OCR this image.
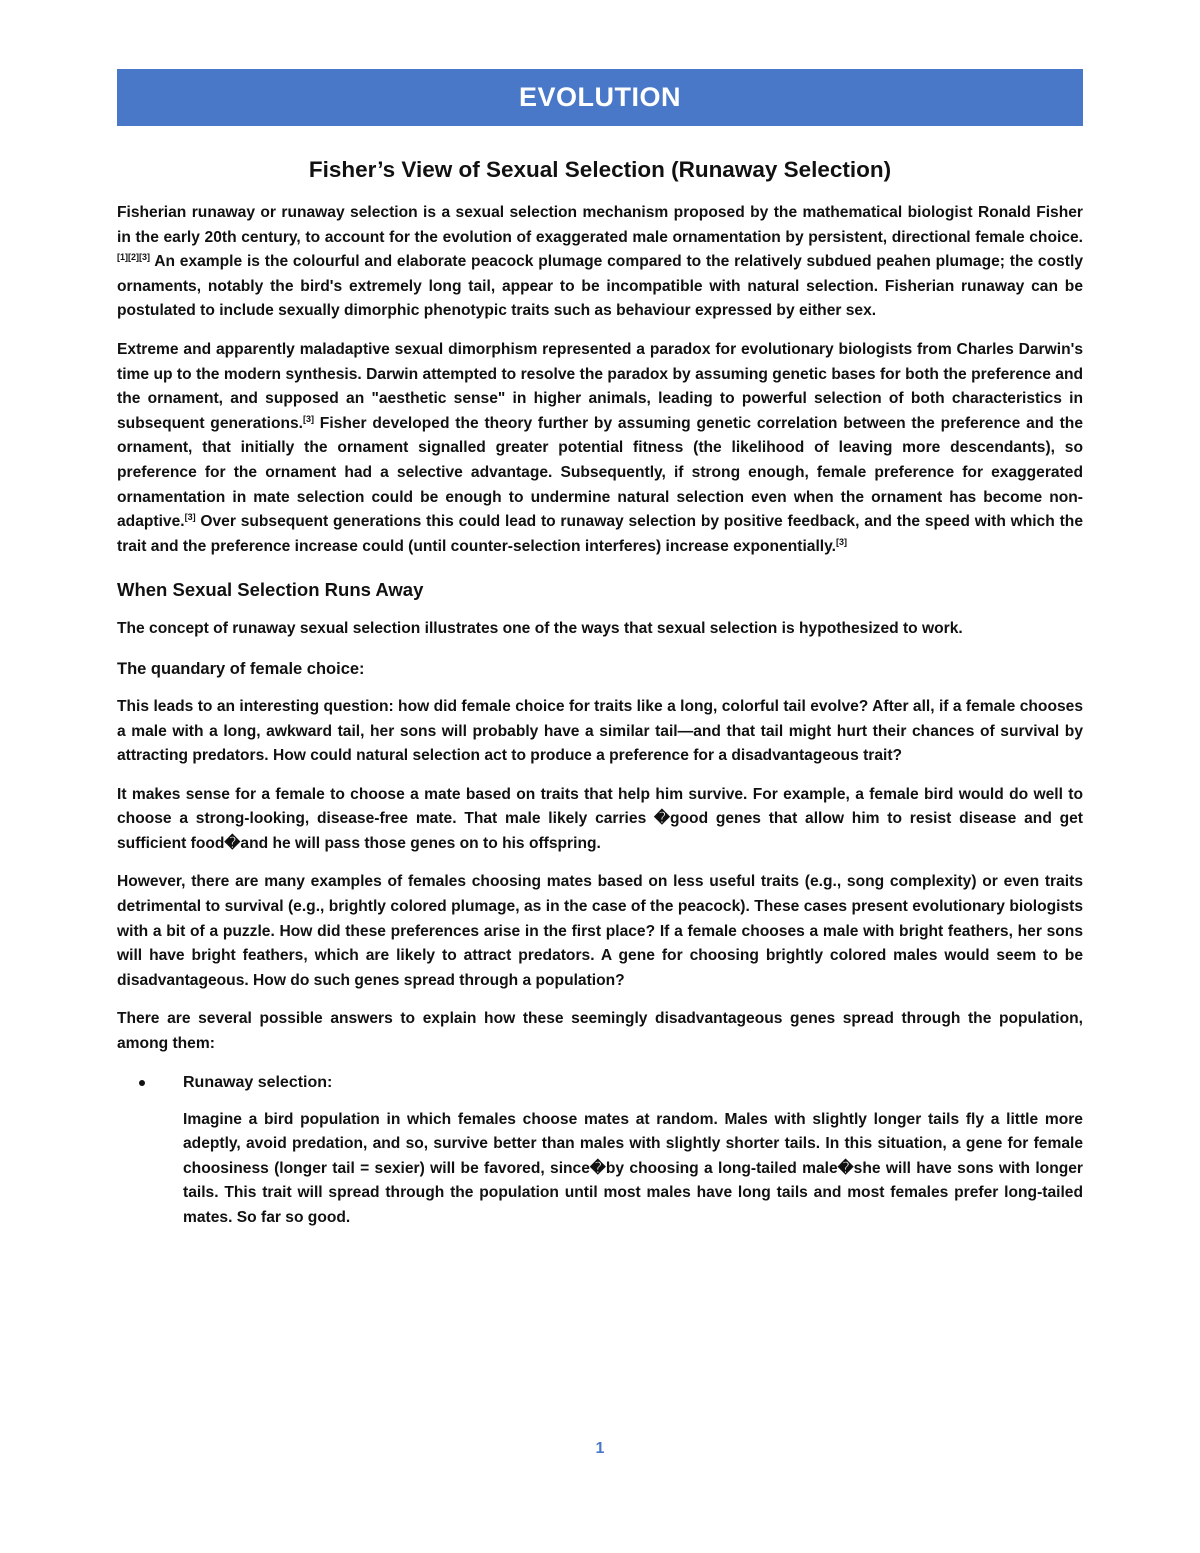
EVOLUTION
Fisher’s View of Sexual Selection (Runaway Selection)

Fisherian runaway or runaway selection is a sexual selection mechanism proposed by the mathematical biologist Ronald Fisher in the early 20th century, to account for the evolution of exaggerated male ornamentation by persistent, directional female choice.[1][2][3] An example is the colourful and elaborate peacock plumage compared to the relatively subdued peahen plumage; the costly ornaments, notably the bird's extremely long tail, appear to be incompatible with natural selection. Fisherian runaway can be postulated to include sexually dimorphic phenotypic traits such as behaviour expressed by either sex.

Extreme and apparently maladaptive sexual dimorphism represented a paradox for evolutionary biologists from Charles Darwin's time up to the modern synthesis. Darwin attempted to resolve the paradox by assuming genetic bases for both the preference and the ornament, and supposed an "aesthetic sense" in higher animals, leading to powerful selection of both characteristics in subsequent generations.[3] Fisher developed the theory further by assuming genetic correlation between the preference and the ornament, that initially the ornament signalled greater potential fitness (the likelihood of leaving more descendants), so preference for the ornament had a selective advantage. Subsequently, if strong enough, female preference for exaggerated ornamentation in mate selection could be enough to undermine natural selection even when the ornament has become non-adaptive.[3] Over subsequent generations this could lead to runaway selection by positive feedback, and the speed with which the trait and the preference increase could (until counter-selection interferes) increase exponentially.[3]

When Sexual Selection Runs Away

The concept of runaway sexual selection illustrates one of the ways that sexual selection is hypothesized to work.

The quandary of female choice:

This leads to an interesting question: how did female choice for traits like a long, colorful tail evolve? After all, if a female chooses a male with a long, awkward tail, her sons will probably have a similar tail—and that tail might hurt their chances of survival by attracting predators. How could natural selection act to produce a preference for a disadvantageous trait?

It makes sense for a female to choose a mate based on traits that help him survive. For example, a female bird would do well to choose a strong-looking, disease-free mate. That male likely carries �good genes that allow him to resist disease and get sufficient food�and he will pass those genes on to his offspring.

However, there are many examples of females choosing mates based on less useful traits (e.g., song complexity) or even traits detrimental to survival (e.g., brightly colored plumage, as in the case of the peacock). These cases present evolutionary biologists with a bit of a puzzle. How did these preferences arise in the first place? If a female chooses a male with bright feathers, her sons will have bright feathers, which are likely to attract predators. A gene for choosing brightly colored males would seem to be disadvantageous. How do such genes spread through a population?

There are several possible answers to explain how these seemingly disadvantageous genes spread through the population, among them:

Runaway selection:

Imagine a bird population in which females choose mates at random. Males with slightly longer tails fly a little more adeptly, avoid predation, and so, survive better than males with slightly shorter tails. In this situation, a gene for female choosiness (longer tail = sexier) will be favored, since�by choosing a long-tailed male�she will have sons with longer tails. This trait will spread through the population until most males have long tails and most females prefer long-tailed mates. So far so good.

1
